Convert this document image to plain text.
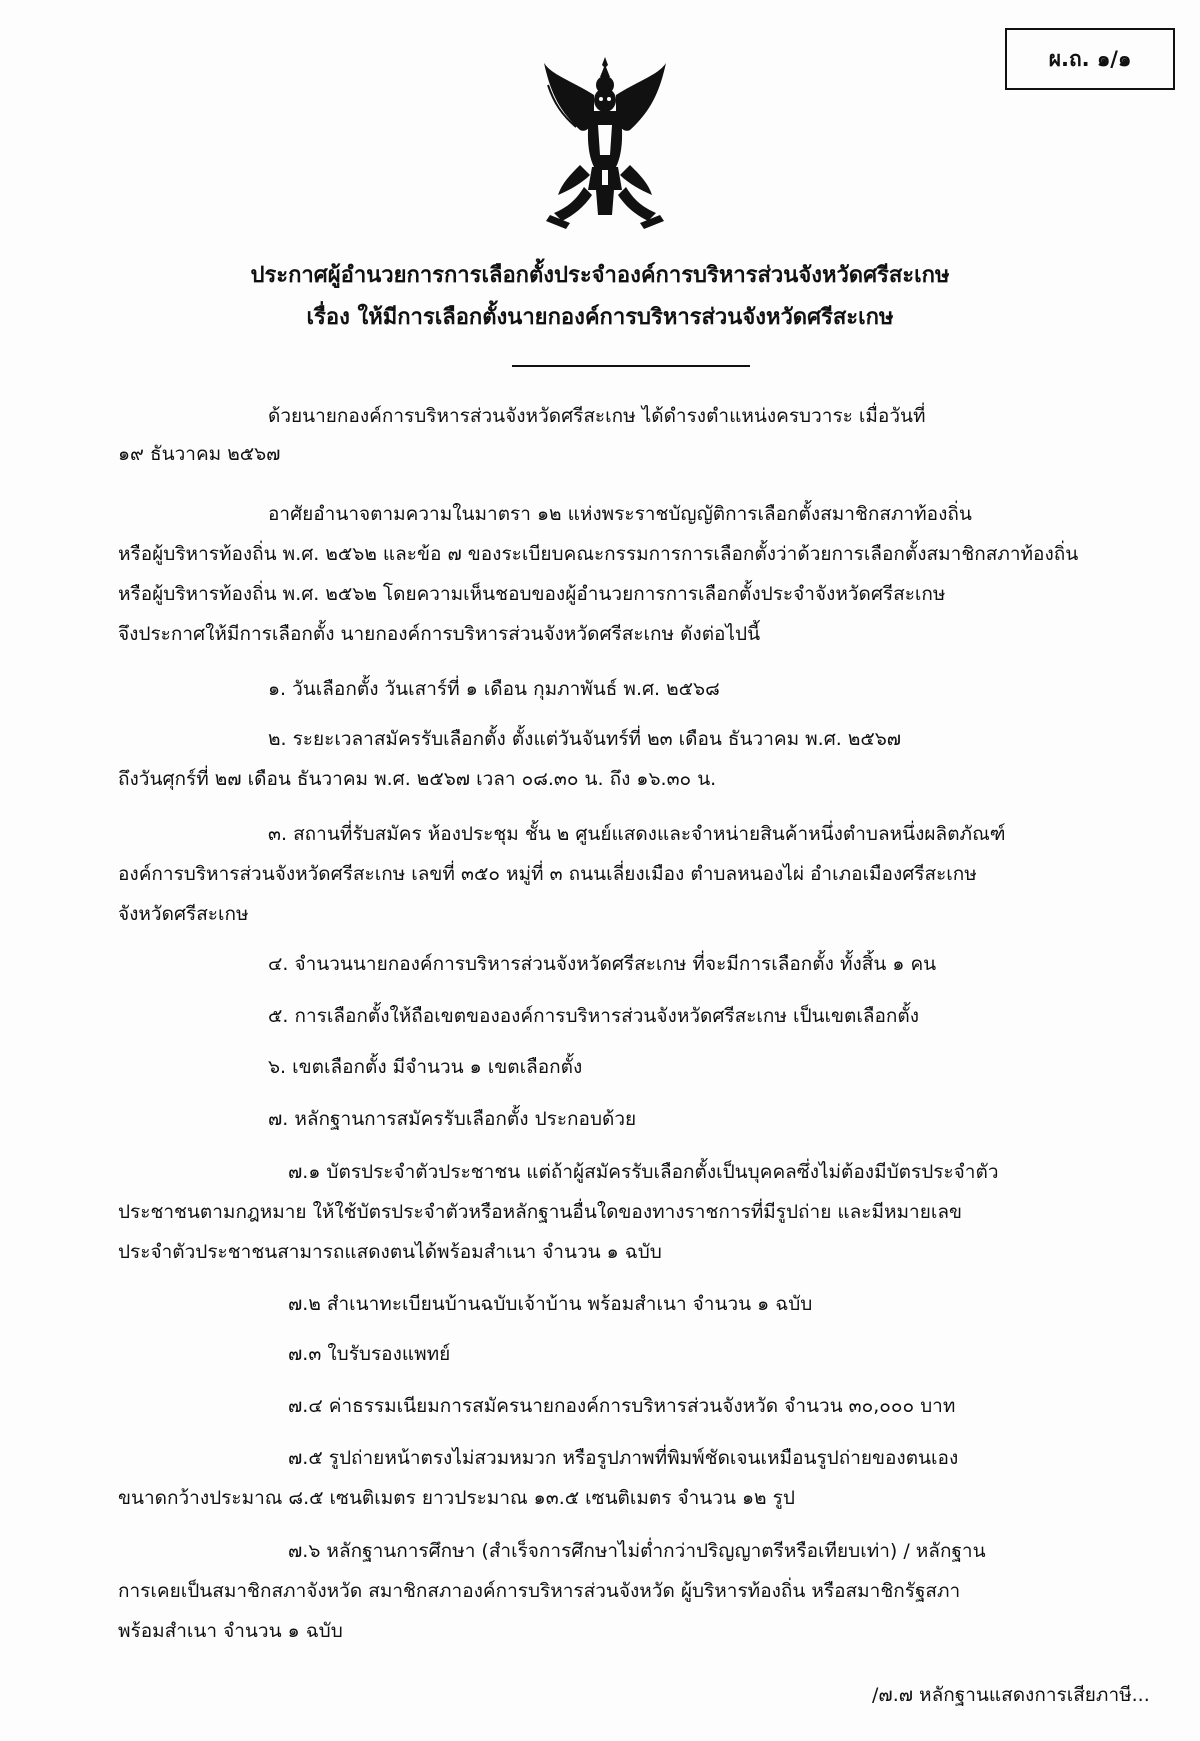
ผ.ถ. ๑/๑
ประกาศผู้อำนวยการการเลือกตั้งประจำองค์การบริหารส่วนจังหวัดศรีสะเกษ
เรื่อง ให้มีการเลือกตั้งนายกองค์การบริหารส่วนจังหวัดศรีสะเกษ
ด้วยนายกองค์การบริหารส่วนจังหวัดศรีสะเกษ ได้ดำรงตำแหน่งครบวาระ เมื่อวันที่
๑๙ ธันวาคม ๒๕๖๗
อาศัยอำนาจตามความในมาตรา ๑๒ แห่งพระราชบัญญัติการเลือกตั้งสมาชิกสภาท้องถิ่น
หรือผู้บริหารท้องถิ่น พ.ศ. ๒๕๖๒ และข้อ ๗ ของระเบียบคณะกรรมการการเลือกตั้งว่าด้วยการเลือกตั้งสมาชิกสภาท้องถิ่น
หรือผู้บริหารท้องถิ่น พ.ศ. ๒๕๖๒ โดยความเห็นชอบของผู้อำนวยการการเลือกตั้งประจำจังหวัดศรีสะเกษ
จึงประกาศให้มีการเลือกตั้ง นายกองค์การบริหารส่วนจังหวัดศรีสะเกษ ดังต่อไปนี้
๑. วันเลือกตั้ง วันเสาร์ที่ ๑ เดือน กุมภาพันธ์ พ.ศ. ๒๕๖๘
๒. ระยะเวลาสมัครรับเลือกตั้ง ตั้งแต่วันจันทร์ที่ ๒๓ เดือน ธันวาคม พ.ศ. ๒๕๖๗
ถึงวันศุกร์ที่ ๒๗ เดือน ธันวาคม พ.ศ. ๒๕๖๗ เวลา ๐๘.๓๐ น. ถึง ๑๖.๓๐ น.
๓. สถานที่รับสมัคร ห้องประชุม ชั้น ๒ ศูนย์แสดงและจำหน่ายสินค้าหนึ่งตำบลหนึ่งผลิตภัณฑ์
องค์การบริหารส่วนจังหวัดศรีสะเกษ เลขที่ ๓๕๐ หมู่ที่ ๓ ถนนเลี่ยงเมือง ตำบลหนองไผ่ อำเภอเมืองศรีสะเกษ
จังหวัดศรีสะเกษ
๔. จำนวนนายกองค์การบริหารส่วนจังหวัดศรีสะเกษ ที่จะมีการเลือกตั้ง ทั้งสิ้น ๑ คน
๕. การเลือกตั้งให้ถือเขตขององค์การบริหารส่วนจังหวัดศรีสะเกษ เป็นเขตเลือกตั้ง
๖. เขตเลือกตั้ง มีจำนวน ๑ เขตเลือกตั้ง
๗. หลักฐานการสมัครรับเลือกตั้ง ประกอบด้วย
๗.๑ บัตรประจำตัวประชาชน แต่ถ้าผู้สมัครรับเลือกตั้งเป็นบุคคลซึ่งไม่ต้องมีบัตรประจำตัว
ประชาชนตามกฎหมาย ให้ใช้บัตรประจำตัวหรือหลักฐานอื่นใดของทางราชการที่มีรูปถ่าย และมีหมายเลข
ประจำตัวประชาชนสามารถแสดงตนได้พร้อมสำเนา จำนวน ๑ ฉบับ
๗.๒ สำเนาทะเบียนบ้านฉบับเจ้าบ้าน พร้อมสำเนา จำนวน ๑ ฉบับ
๗.๓ ใบรับรองแพทย์
๗.๔ ค่าธรรมเนียมการสมัครนายกองค์การบริหารส่วนจังหวัด จำนวน ๓๐,๐๐๐ บาท
๗.๕ รูปถ่ายหน้าตรงไม่สวมหมวก หรือรูปภาพที่พิมพ์ชัดเจนเหมือนรูปถ่ายของตนเอง
ขนาดกว้างประมาณ ๘.๕ เซนติเมตร ยาวประมาณ ๑๓.๕ เซนติเมตร จำนวน ๑๒ รูป
๗.๖ หลักฐานการศึกษา (สำเร็จการศึกษาไม่ต่ำกว่าปริญญาตรีหรือเทียบเท่า) / หลักฐาน
การเคยเป็นสมาชิกสภาจังหวัด สมาชิกสภาองค์การบริหารส่วนจังหวัด ผู้บริหารท้องถิ่น หรือสมาชิกรัฐสภา
พร้อมสำเนา จำนวน ๑ ฉบับ
/๗.๗ หลักฐานแสดงการเสียภาษี...
